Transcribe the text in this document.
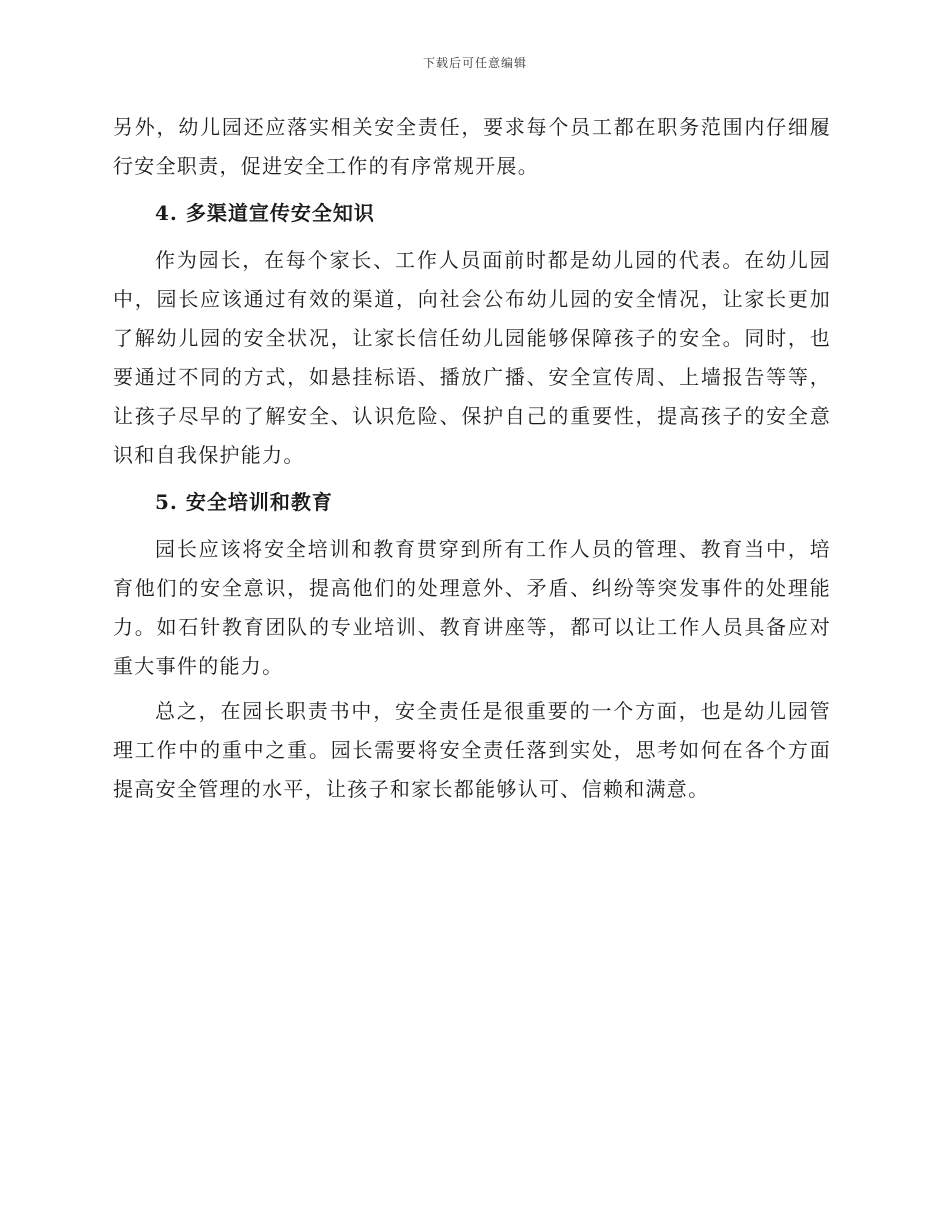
下载后可任意编辑

另外，幼儿园还应落实相关安全责任，要求每个员工都在职务范围内仔细履行安全职责，促进安全工作的有序常规开展。

4. 多渠道宣传安全知识

作为园长，在每个家长、工作人员面前时都是幼儿园的代表。在幼儿园中，园长应该通过有效的渠道，向社会公布幼儿园的安全情况，让家长更加了解幼儿园的安全状况，让家长信任幼儿园能够保障孩子的安全。同时，也要通过不同的方式，如悬挂标语、播放广播、安全宣传周、上墙报告等等，让孩子尽早的了解安全、认识危险、保护自己的重要性，提高孩子的安全意识和自我保护能力。

5. 安全培训和教育

园长应该将安全培训和教育贯穿到所有工作人员的管理、教育当中，培育他们的安全意识，提高他们的处理意外、矛盾、纠纷等突发事件的处理能力。如石针教育团队的专业培训、教育讲座等，都可以让工作人员具备应对重大事件的能力。

总之，在园长职责书中，安全责任是很重要的一个方面，也是幼儿园管理工作中的重中之重。园长需要将安全责任落到实处，思考如何在各个方面提高安全管理的水平，让孩子和家长都能够认可、信赖和满意。
